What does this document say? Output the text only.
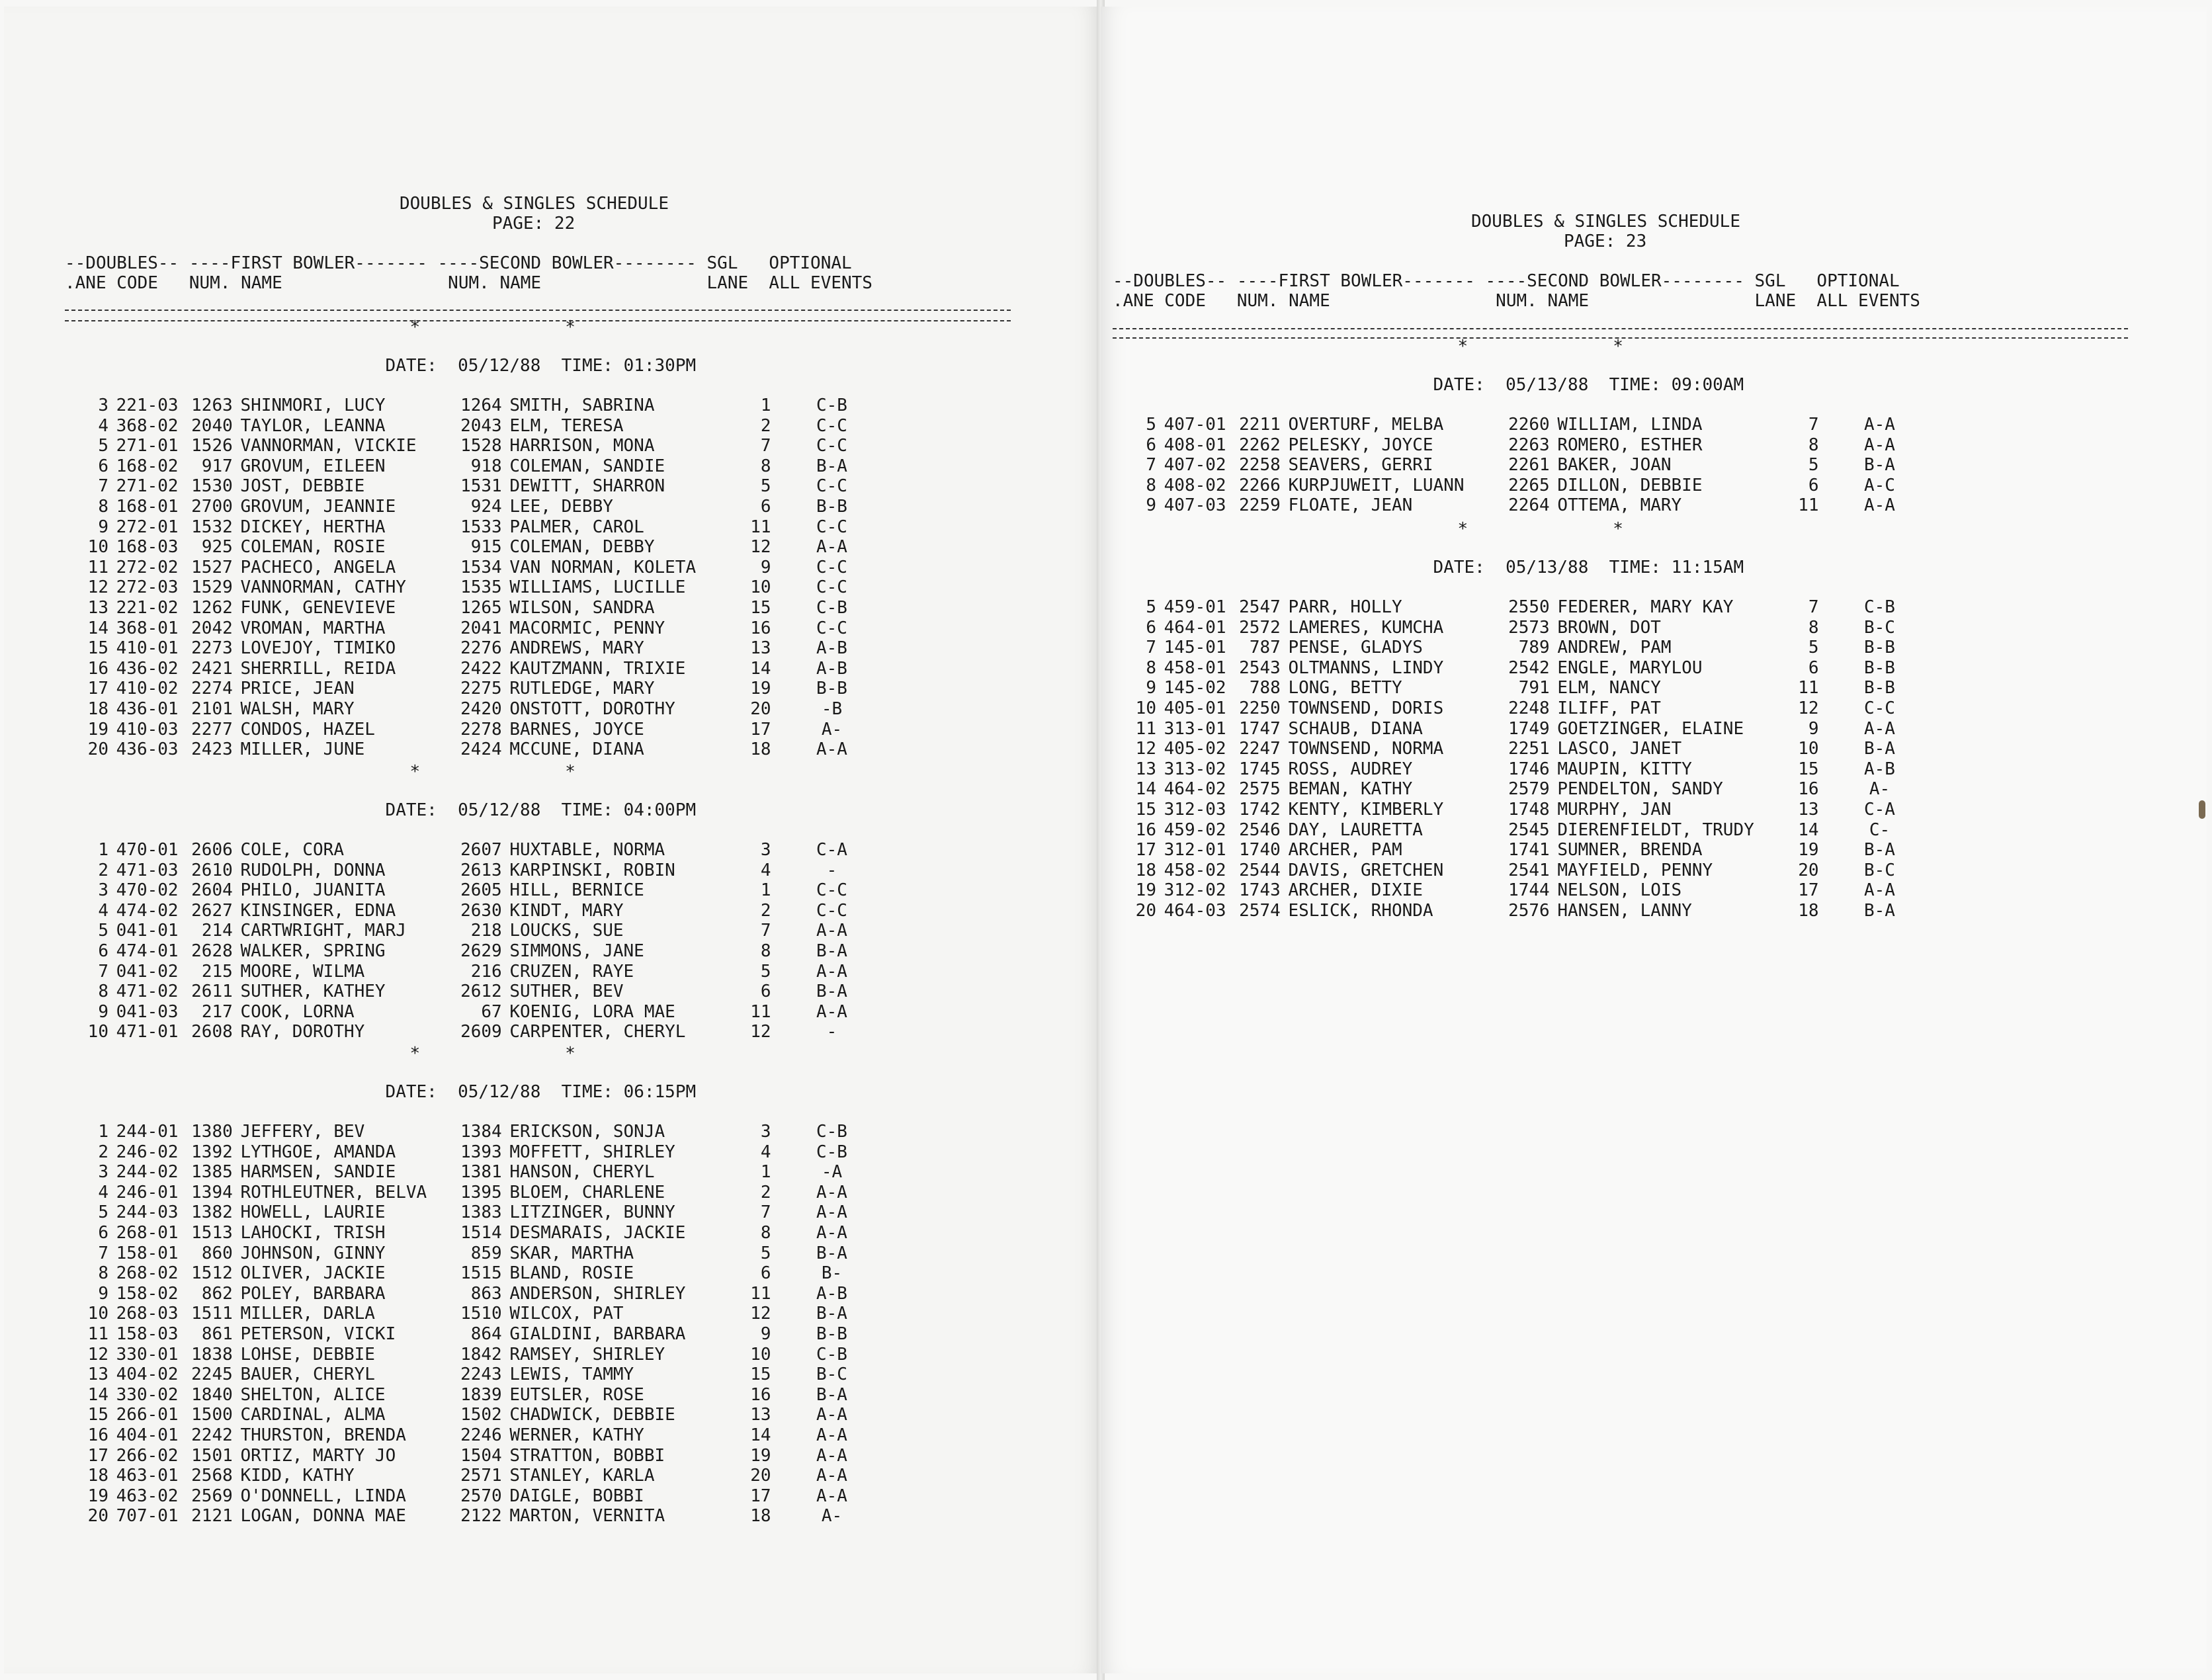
DOUBLES & SINGLES SCHEDULE
PAGE: 22
--DOUBLES-- ----FIRST BOWLER------- ----SECOND BOWLER-------- SGL   OPTIONAL
.ANE CODE   NUM. NAME                NUM. NAME                LANE  ALL EVENTS
*	*
DATE:  05/12/88  TIME: 01:30PM
3 221-03 1263 SHINMORI, LUCY	1264 SMITH, SABRINA	1	C-B
4 368-02 2040 TAYLOR, LEANNA	2043 ELM, TERESA	2	C-C
5 271-01 1526 VANNORMAN, VICKIE	1528 HARRISON, MONA	7	C-C
6 168-02	917 GROVUM, EILEEN	918 COLEMAN, SANDIE	8	B-A
7 271-02 1530 JOST, DEBBIE	1531 DEWITT, SHARRON	5	C-C
8 168-01 2700 GROVUM, JEANNIE	924 LEE, DEBBY	6	B-B
9 272-01 1532 DICKEY, HERTHA	1533 PALMER, CAROL	11	C-C
10 168-03	925 COLEMAN, ROSIE	915 COLEMAN, DEBBY	12	A-A
11 272-02 1527 PACHECO, ANGELA	1534 VAN NORMAN, KOLETA	9	C-C
12 272-03 1529 VANNORMAN, CATHY	1535 WILLIAMS, LUCILLE	10	C-C
13 221-02 1262 FUNK, GENEVIEVE	1265 WILSON, SANDRA	15	C-B
14 368-01 2042 VROMAN, MARTHA	2041 MACORMIC, PENNY	16	C-C
15 410-01 2273 LOVEJOY, TIMIKO	2276 ANDREWS, MARY	13	A-B
16 436-02 2421 SHERRILL, REIDA	2422 KAUTZMANN, TRIXIE	14	A-B
17 410-02 2274 PRICE, JEAN	2275 RUTLEDGE, MARY	19	B-B
18 436-01 2101 WALSH, MARY	2420 ONSTOTT, DOROTHY	20	-B
19 410-03 2277 CONDOS, HAZEL	2278 BARNES, JOYCE	17	A-
20 436-03 2423 MILLER, JUNE	2424 MCCUNE, DIANA	18	A-A
*	*
DATE:  05/12/88  TIME: 04:00PM
1 470-01 2606 COLE, CORA	2607 HUXTABLE, NORMA	3	C-A
2 471-03 2610 RUDOLPH, DONNA	2613 KARPINSKI, ROBIN	4	-
3 470-02 2604 PHILO, JUANITA	2605 HILL, BERNICE	1	C-C
4 474-02 2627 KINSINGER, EDNA	2630 KINDT, MARY	2	C-C
5 041-01	214 CARTWRIGHT, MARJ	218 LOUCKS, SUE	7	A-A
6 474-01 2628 WALKER, SPRING	2629 SIMMONS, JANE	8	B-A
7 041-02	215 MOORE, WILMA	216 CRUZEN, RAYE	5	A-A
8 471-02 2611 SUTHER, KATHEY	2612 SUTHER, BEV	6	B-A
9 041-03	217 COOK, LORNA	67 KOENIG, LORA MAE	11	A-A
10 471-01 2608 RAY, DOROTHY	2609 CARPENTER, CHERYL	12	-
*	*
DATE:  05/12/88  TIME: 06:15PM
1 244-01 1380 JEFFERY, BEV	1384 ERICKSON, SONJA	3	C-B
2 246-02 1392 LYTHGOE, AMANDA	1393 MOFFETT, SHIRLEY	4	C-B
3 244-02 1385 HARMSEN, SANDIE	1381 HANSON, CHERYL	1	-A
4 246-01 1394 ROTHLEUTNER, BELVA	1395 BLOEM, CHARLENE	2	A-A
5 244-03 1382 HOWELL, LAURIE	1383 LITZINGER, BUNNY	7	A-A
6 268-01 1513 LAHOCKI, TRISH	1514 DESMARAIS, JACKIE	8	A-A
7 158-01	860 JOHNSON, GINNY	859 SKAR, MARTHA	5	B-A
8 268-02 1512 OLIVER, JACKIE	1515 BLAND, ROSIE	6	B-
9 158-02	862 POLEY, BARBARA	863 ANDERSON, SHIRLEY	11	A-B
10 268-03 1511 MILLER, DARLA	1510 WILCOX, PAT	12	B-A
11 158-03	861 PETERSON, VICKI	864 GIALDINI, BARBARA	9	B-B
12 330-01 1838 LOHSE, DEBBIE	1842 RAMSEY, SHIRLEY	10	C-B
13 404-02 2245 BAUER, CHERYL	2243 LEWIS, TAMMY	15	B-C
14 330-02 1840 SHELTON, ALICE	1839 EUTSLER, ROSE	16	B-A
15 266-01 1500 CARDINAL, ALMA	1502 CHADWICK, DEBBIE	13	A-A
16 404-01 2242 THURSTON, BRENDA	2246 WERNER, KATHY	14	A-A
17 266-02 1501 ORTIZ, MARTY JO	1504 STRATTON, BOBBI	19	A-A
18 463-01 2568 KIDD, KATHY	2571 STANLEY, KARLA	20	A-A
19 463-02 2569 O'DONNELL, LINDA	2570 DAIGLE, BOBBI	17	A-A
20 707-01 2121 LOGAN, DONNA MAE	2122 MARTON, VERNITA	18	A-
DOUBLES & SINGLES SCHEDULE
PAGE: 23
--DOUBLES-- ----FIRST BOWLER------- ----SECOND BOWLER-------- SGL   OPTIONAL
.ANE CODE   NUM. NAME                NUM. NAME                LANE  ALL EVENTS
*	*
DATE:  05/13/88  TIME: 09:00AM
5 407-01 2211 OVERTURF, MELBA	2260 WILLIAM, LINDA	7	A-A
6 408-01 2262 PELESKY, JOYCE	2263 ROMERO, ESTHER	8	A-A
7 407-02 2258 SEAVERS, GERRI	2261 BAKER, JOAN	5	B-A
8 408-02 2266 KURPJUWEIT, LUANN	2265 DILLON, DEBBIE	6	A-C
9 407-03 2259 FLOATE, JEAN	2264 OTTEMA, MARY	11	A-A
*	*
DATE:  05/13/88  TIME: 11:15AM
5 459-01 2547 PARR, HOLLY	2550 FEDERER, MARY KAY	7	C-B
6 464-01 2572 LAMERES, KUMCHA	2573 BROWN, DOT	8	B-C
7 145-01	787 PENSE, GLADYS	789 ANDREW, PAM	5	B-B
8 458-01 2543 OLTMANNS, LINDY	2542 ENGLE, MARYLOU	6	B-B
9 145-02	788 LONG, BETTY	791 ELM, NANCY	11	B-B
10 405-01 2250 TOWNSEND, DORIS	2248 ILIFF, PAT	12	C-C
11 313-01 1747 SCHAUB, DIANA	1749 GOETZINGER, ELAINE	9	A-A
12 405-02 2247 TOWNSEND, NORMA	2251 LASCO, JANET	10	B-A
13 313-02 1745 ROSS, AUDREY	1746 MAUPIN, KITTY	15	A-B
14 464-02 2575 BEMAN, KATHY	2579 PENDELTON, SANDY	16	A-
15 312-03 1742 KENTY, KIMBERLY	1748 MURPHY, JAN	13	C-A
16 459-02 2546 DAY, LAURETTA	2545 DIERENFIELDT, TRUDY	14	C-
17 312-01 1740 ARCHER, PAM	1741 SUMNER, BRENDA	19	B-A
18 458-02 2544 DAVIS, GRETCHEN	2541 MAYFIELD, PENNY	20	B-C
19 312-02 1743 ARCHER, DIXIE	1744 NELSON, LOIS	17	A-A
20 464-03 2574 ESLICK, RHONDA	2576 HANSEN, LANNY	18	B-A
